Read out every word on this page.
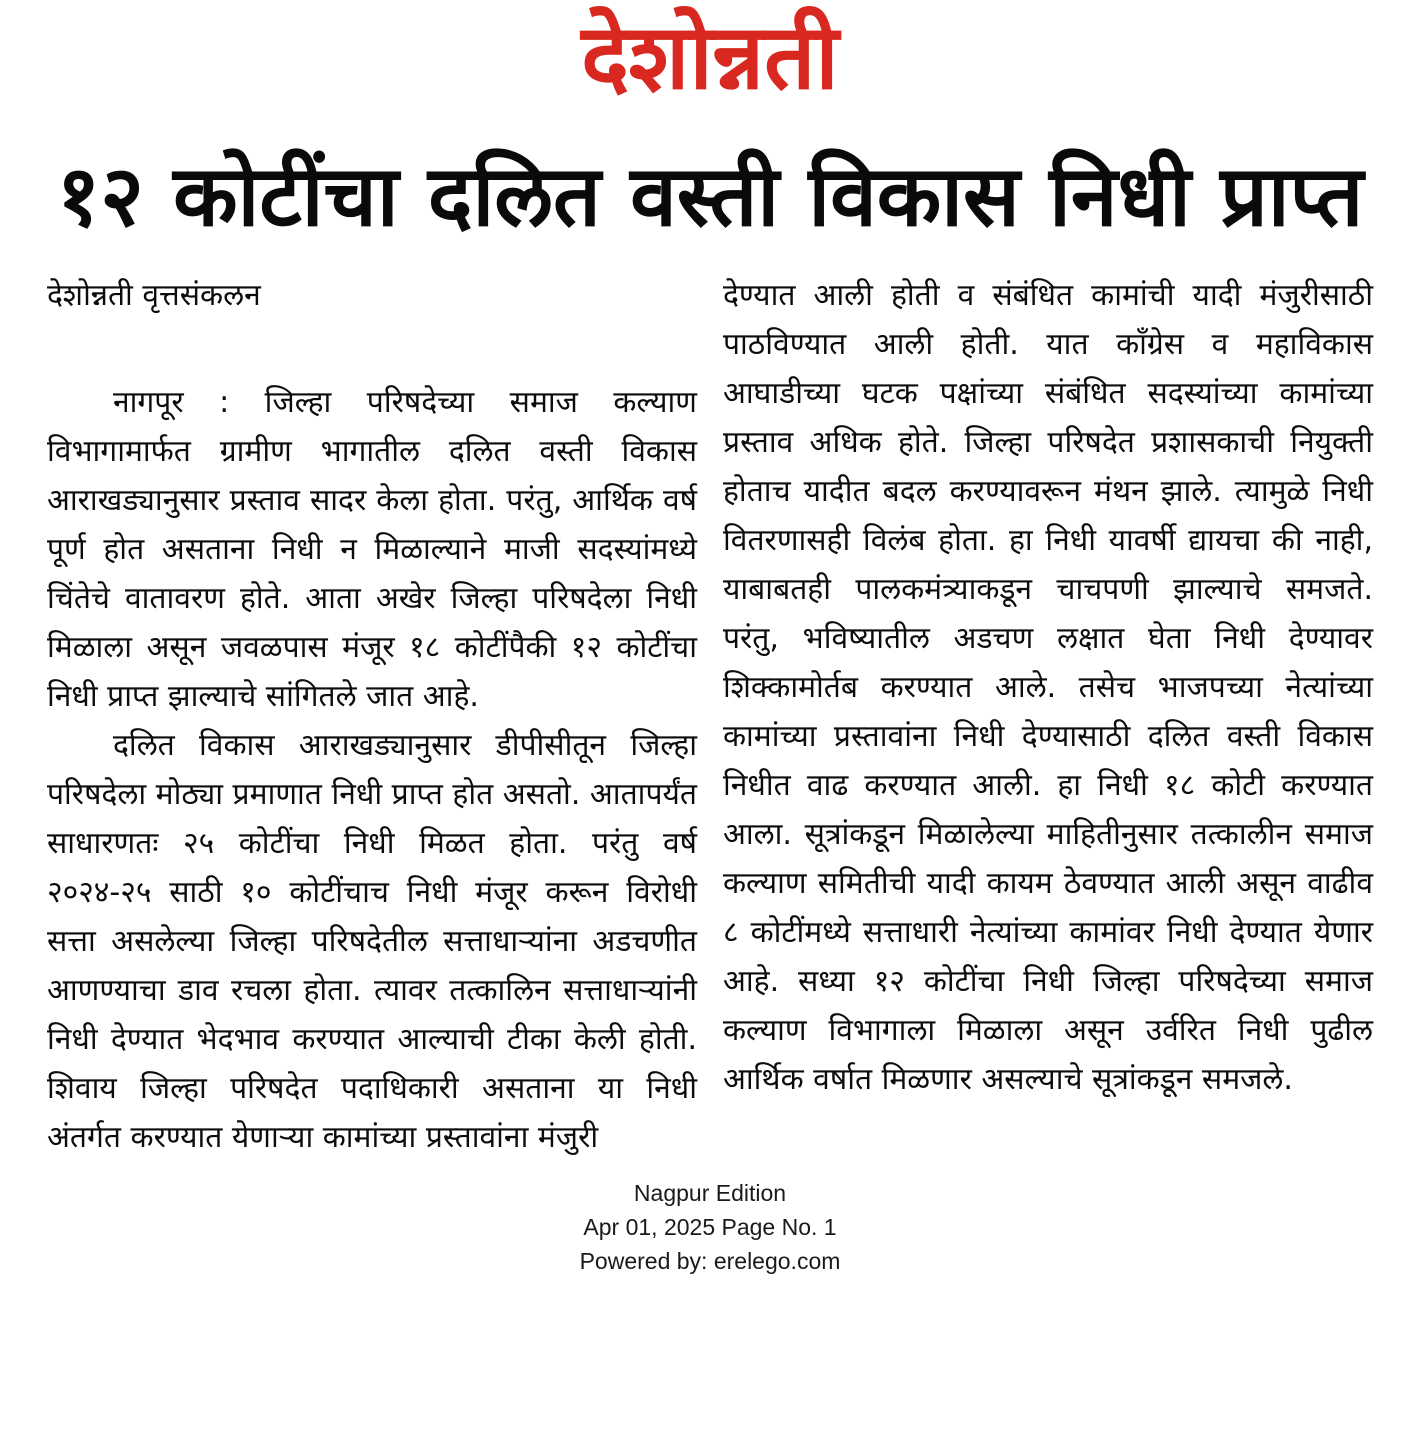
देशोन्नती
१२ कोटींचा दलित वस्ती विकास निधी प्राप्त
देशोन्नती वृत्तसंकलन

नागपूर : जिल्हा परिषदेच्या समाज कल्याण विभागामार्फत ग्रामीण भागातील दलित वस्ती विकास आराखड्यानुसार प्रस्ताव सादर केला होता. परंतु, आर्थिक वर्ष पूर्ण होत असताना निधी न मिळाल्याने माजी सदस्यांमध्ये चिंतेचे वातावरण होते. आता अखेर जिल्हा परिषदेला निधी मिळाला असून जवळपास मंजूर १८ कोटींपैकी १२ कोटींचा निधी प्राप्त झाल्याचे सांगितले जात आहे.

दलित विकास आराखड्यानुसार डीपीसीतून जिल्हा परिषदेला मोठ्या प्रमाणात निधी प्राप्त होत असतो. आतापर्यंत साधारणतः २५ कोटींचा निधी मिळत होता. परंतु वर्ष २०२४-२५ साठी १० कोटींचाच निधी मंजूर करून विरोधी सत्ता असलेल्या जिल्हा परिषदेतील सत्ताधाऱ्यांना अडचणीत आणण्याचा डाव रचला होता. त्यावर तत्कालिन सत्ताधाऱ्यांनी निधी देण्यात भेदभाव करण्यात आल्याची टीका केली होती. शिवाय जिल्हा परिषदेत पदाधिकारी असताना या निधी अंतर्गत करण्यात येणाऱ्या कामांच्या प्रस्तावांना मंजुरी

देण्यात आली होती व संबंधित कामांची यादी मंजुरीसाठी पाठविण्यात आली होती. यात कॉंग्रेस व महाविकास आघाडीच्या घटक पक्षांच्या संबंधित सदस्यांच्या कामांच्या प्रस्ताव अधिक होते. जिल्हा परिषदेत प्रशासकाची नियुक्ती होताच यादीत बदल करण्यावरून मंथन झाले. त्यामुळे निधी वितरणासही विलंब होता. हा निधी यावर्षी द्यायचा की नाही, याबाबतही पालकमंत्र्याकडून चाचपणी झाल्याचे समजते. परंतु, भविष्यातील अडचण लक्षात घेता निधी देण्यावर शिक्कामोर्तब करण्यात आले. तसेच भाजपच्या नेत्यांच्या कामांच्या प्रस्तावांना निधी देण्यासाठी दलित वस्ती विकास निधीत वाढ करण्यात आली. हा निधी १८ कोटी करण्यात आला. सूत्रांकडून मिळालेल्या माहितीनुसार तत्कालीन समाज कल्याण समितीची यादी कायम ठेवण्यात आली असून वाढीव ८ कोटींमध्ये सत्ताधारी नेत्यांच्या कामांवर निधी देण्यात येणार आहे. सध्या १२ कोटींचा निधी जिल्हा परिषदेच्या समाज कल्याण विभागाला मिळाला असून उर्वरित निधी पुढील आर्थिक वर्षात मिळणार असल्याचे सूत्रांकडून समजले.

Nagpur Edition
Apr 01, 2025 Page No. 1
Powered by: erelego.com
